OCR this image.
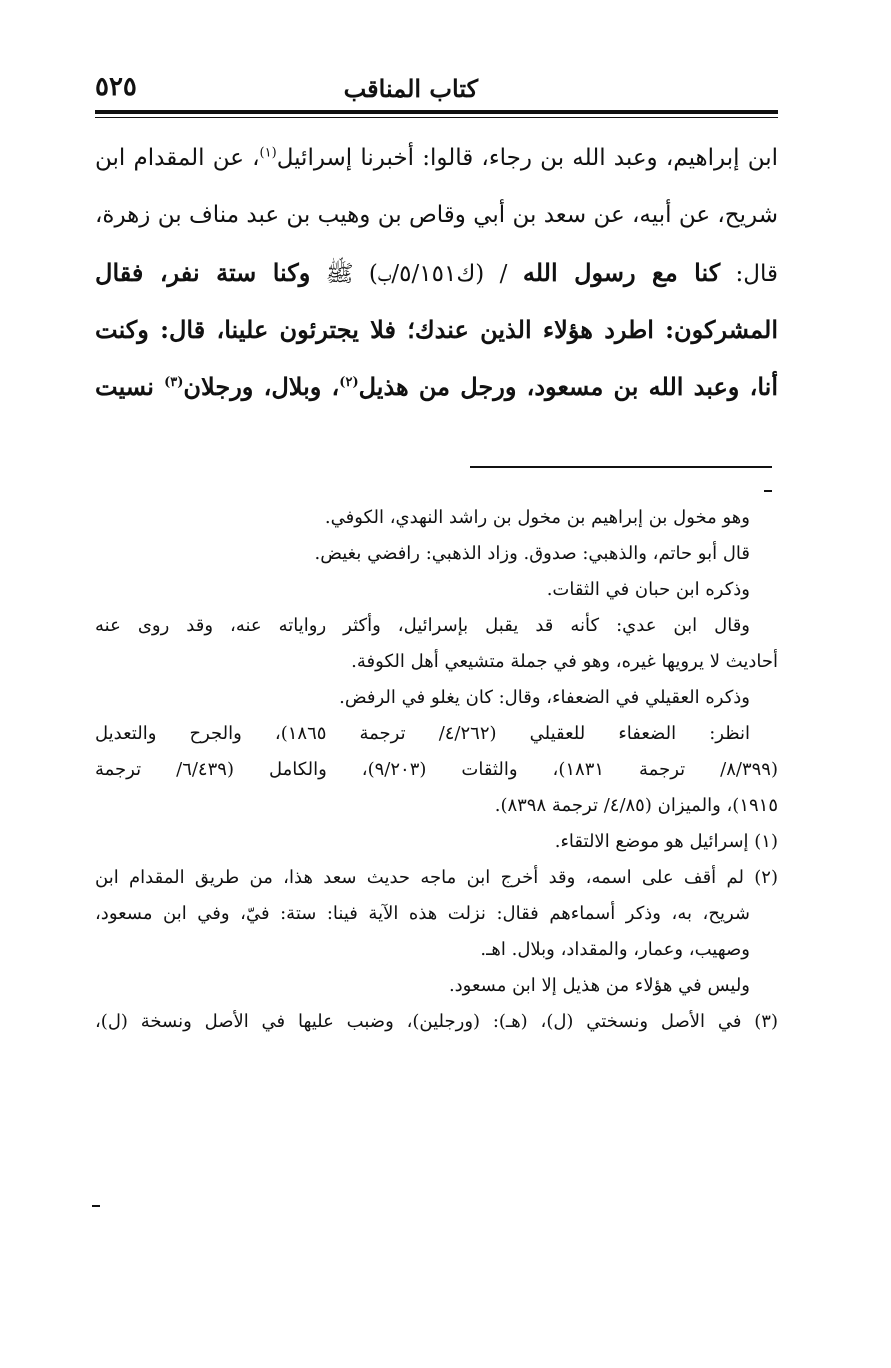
كتاب المناقب
٥٢٥
ابن إبراهيم، وعبد الله بن رجاء، قالوا: أخبرنا إسرائيل$^{(١)}$، عن المقدام ابن
شريح، عن أبيه، عن سعد بن أبي وقاص بن وهيب بن عبد مناف بن زهرة،
قال: كنا مع رسول الله / (ك٥/١٥١/ب) ﷺ وكنا ستة نفر، فقال
المشركون: اطرد هؤلاء الذين عندك؛ فلا يجترئون علينا، قال: وكنت
أنا، وعبد الله بن مسعود، ورجل من هذيل$^{(٢)}$، وبلال، ورجلان$^{(٣)}$ نسيت
وهو مخول بن إبراهيم بن مخول بن راشد النهدي، الكوفي.
قال أبو حاتم، والذهبي: صدوق. وزاد الذهبي: رافضي بغيض.
وذكره ابن حبان في الثقات.
وقال ابن عدي: كأنه قد يقبل بإسرائيل، وأكثر رواياته عنه، وقد روى عنه
أحاديث لا يرويها غيره، وهو في جملة متشيعي أهل الكوفة.
وذكره العقيلي في الضعفاء، وقال: كان يغلو في الرفض.
انظر: الضعفاء للعقيلي (٤/٢٦٢/ ترجمة ١٨٦٥)، والجرح والتعديل
(٨/٣٩٩/ ترجمة ١٨٣١)، والثقات (٩/٢٠٣)، والكامل (٦/٤٣٩/ ترجمة
١٩١٥)، والميزان (٤/٨٥/ ترجمة ٨٣٩٨).
(١) إسرائيل هو موضع الالتقاء.
(٢) لم أقف على اسمه، وقد أخرج ابن ماجه حديث سعد هذا، من طريق المقدام ابن
شريح، به، وذكر أسماءهم فقال: نزلت هذه الآية فينا: ستة: فيّ، وفي ابن مسعود،
وصهيب، وعمار، والمقداد، وبلال. اهـ.
وليس في هؤلاء من هذيل إلا ابن مسعود.
(٣) في الأصل ونسختي (ل)، (هـ): (ورجلين)، وضبب عليها في الأصل ونسخة (ل)،
